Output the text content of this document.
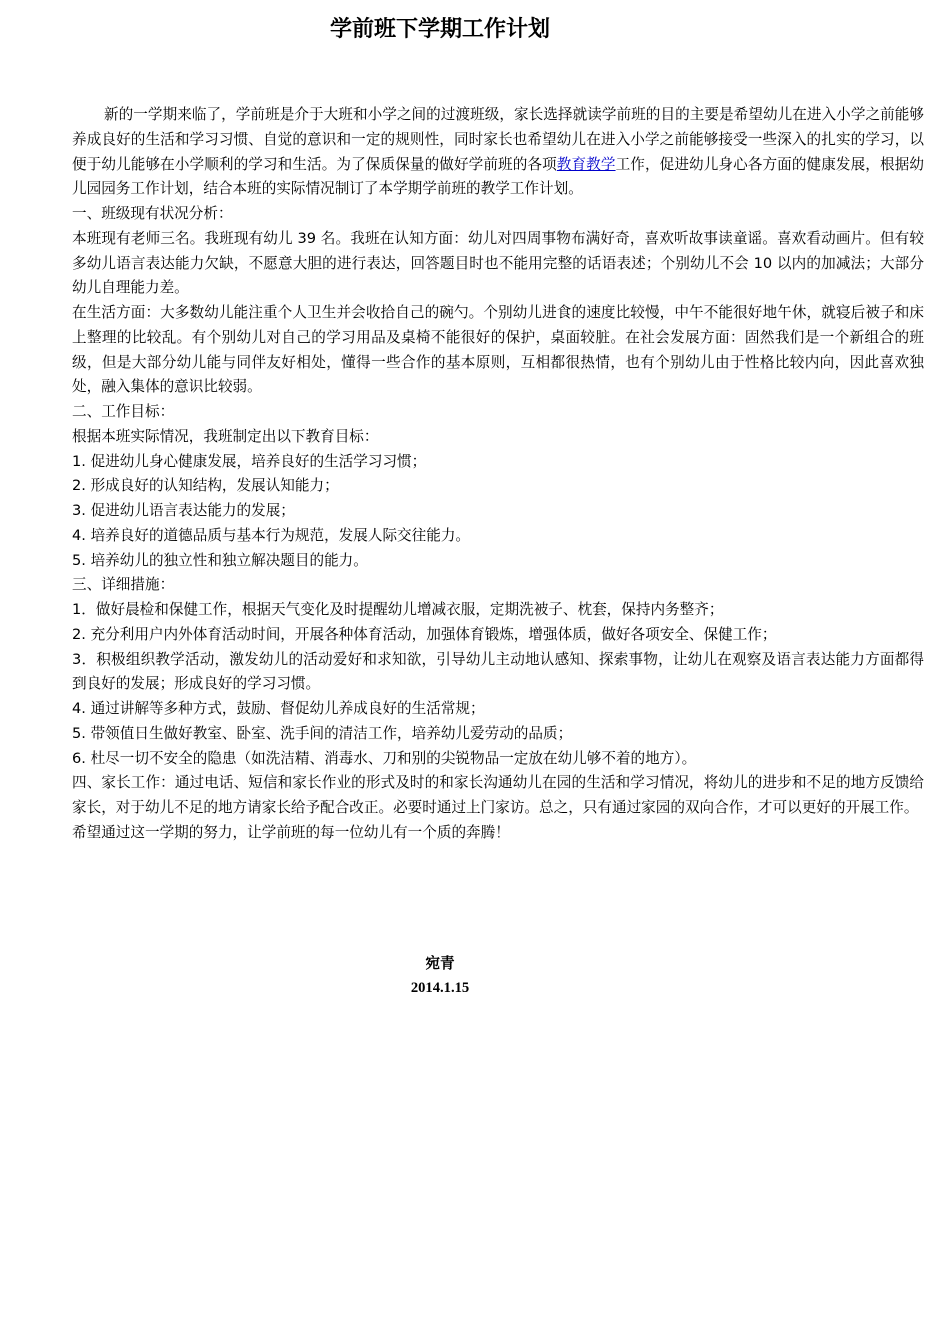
学前班下学期工作计划

新的一学期来临了，学前班是介于大班和小学之间的过渡班级，家长选择就读学前班的目的主要是希望幼儿在进入小学之前能够养成良好的生活和学习习惯、自觉的意识和一定的规则性，同时家长也希望幼儿在进入小学之前能够接受一些深入的扎实的学习，以便于幼儿能够在小学顺利的学习和生活。为了保质保量的做好学前班的各项教育教学工作，促进幼儿身心各方面的健康发展，根据幼儿园园务工作计划，结合本班的实际情况制订了本学期学前班的教学工作计划。

一、班级现有状况分析：

本班现有老师三名。我班现有幼儿 39 名。我班在认知方面：幼儿对四周事物布满好奇，喜欢听故事读童谣。喜欢看动画片。但有较多幼儿语言表达能力欠缺，不愿意大胆的进行表达，回答题目时也不能用完整的话语表述；个别幼儿不会 10 以内的加减法；大部分幼儿自理能力差。

在生活方面：大多数幼儿能注重个人卫生并会收拾自己的碗勺。个别幼儿进食的速度比较慢，中午不能很好地午休，就寝后被子和床上整理的比较乱。有个别幼儿对自己的学习用品及桌椅不能很好的保护，桌面较脏。在社会发展方面：固然我们是一个新组合的班级，但是大部分幼儿能与同伴友好相处，懂得一些合作的基本原则，互相都很热情，也有个别幼儿由于性格比较内向，因此喜欢独处，融入集体的意识比较弱。

二、工作目标：

根据本班实际情况，我班制定出以下教育目标：

1. 促进幼儿身心健康发展，培养良好的生活学习习惯；

2. 形成良好的认知结构，发展认知能力；

3. 促进幼儿语言表达能力的发展；

4. 培养良好的道德品质与基本行为规范，发展人际交往能力。

5. 培养幼儿的独立性和独立解决题目的能力。

三、详细措施：

1．做好晨检和保健工作，根据天气变化及时提醒幼儿增减衣服，定期洗被子、枕套，保持内务整齐；

2. 充分利用户内外体育活动时间，开展各种体育活动，加强体育锻炼，增强体质，做好各项安全、保健工作；

3．积极组织教学活动，激发幼儿的活动爱好和求知欲，引导幼儿主动地认感知、探索事物，让幼儿在观察及语言表达能力方面都得到良好的发展；形成良好的学习习惯。

4. 通过讲解等多种方式，鼓励、督促幼儿养成良好的生活常规；

5. 带领值日生做好教室、卧室、洗手间的清洁工作，培养幼儿爱劳动的品质；

6. 杜尽一切不安全的隐患（如洗洁精、消毒水、刀和别的尖锐物品一定放在幼儿够不着的地方）。

四、家长工作：通过电话、短信和家长作业的形式及时的和家长沟通幼儿在园的生活和学习情况，将幼儿的进步和不足的地方反馈给家长，对于幼儿不足的地方请家长给予配合改正。必要时通过上门家访。总之，只有通过家园的双向合作，才可以更好的开展工作。

希望通过这一学期的努力，让学前班的每一位幼儿有一个质的奔腾！

宛青
2014.1.15
